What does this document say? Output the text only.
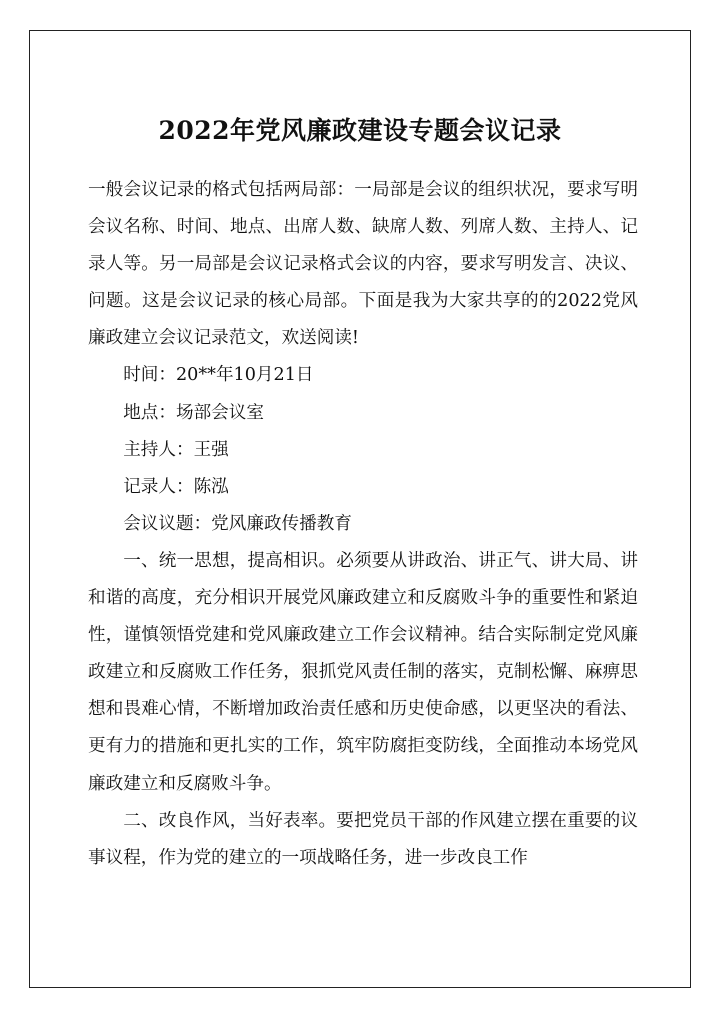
2022年党风廉政建设专题会议记录

一般会议记录的格式包括两局部：一局部是会议的组织状况，要求写明会议名称、时间、地点、出席人数、缺席人数、列席人数、主持人、记录人等。另一局部是会议记录格式会议的内容，要求写明发言、决议、问题。这是会议记录的核心局部。下面是我为大家共享的的2022党风廉政建立会议记录范文，欢送阅读!

时间：20**年10月21日

地点：场部会议室

主持人：王强

记录人：陈泓

会议议题：党风廉政传播教育

一、统一思想，提高相识。必须要从讲政治、讲正气、讲大局、讲和谐的高度，充分相识开展党风廉政建立和反腐败斗争的重要性和紧迫性，谨慎领悟党建和党风廉政建立工作会议精神。结合实际制定党风廉政建立和反腐败工作任务，狠抓党风责任制的落实，克制松懈、麻痹思想和畏难心情，不断增加政治责任感和历史使命感，以更坚决的看法、更有力的措施和更扎实的工作，筑牢防腐拒变防线，全面推动本场党风廉政建立和反腐败斗争。

二、改良作风，当好表率。要把党员干部的作风建立摆在重要的议事议程，作为党的建立的一项战略任务，进一步改良工作
